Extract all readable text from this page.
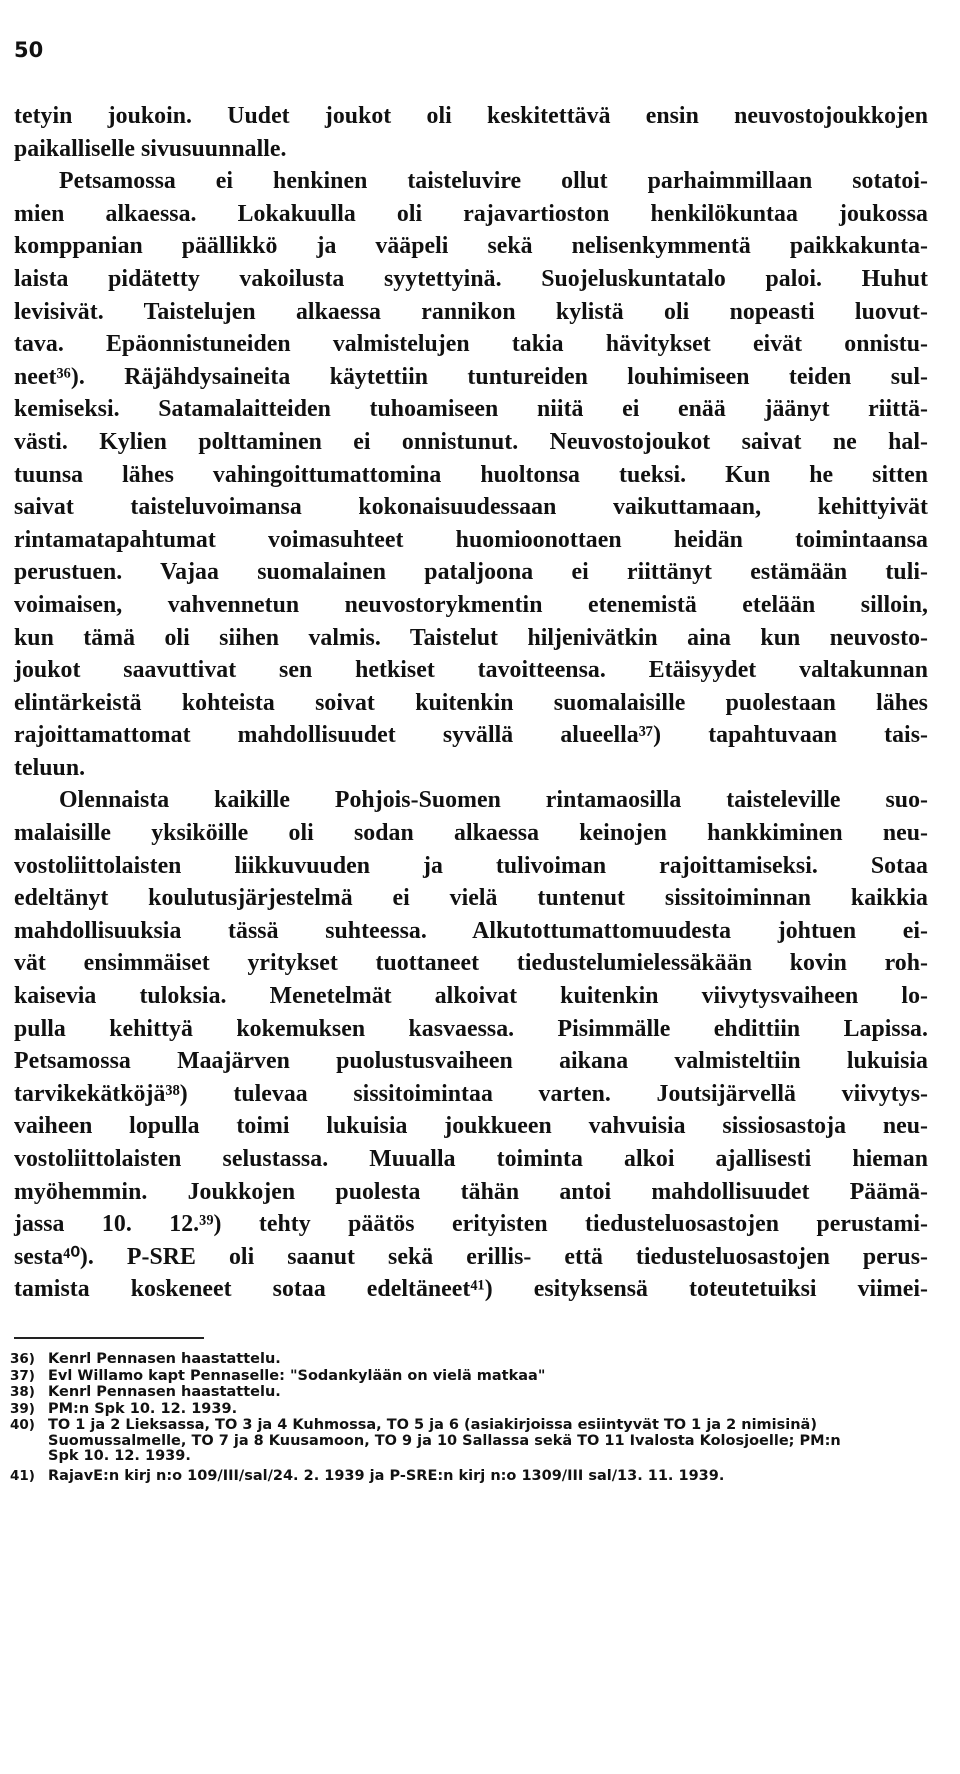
50
tetyin joukoin. Uudet joukot oli keskitettävä ensin neuvostojoukkojen
paikalliselle sivusuunnalle.
Petsamossa ei henkinen taisteluvire ollut parhaimmillaan sotatoi-
mien alkaessa. Lokakuulla oli rajavartioston henkilökuntaa joukossa
komppanian päällikkö ja vääpeli sekä nelisenkymmentä paikkakunta-
laista pidätetty vakoilusta syytettyinä. Suojeluskuntatalo paloi. Huhut
levisivät. Taistelujen alkaessa rannikon kylistä oli nopeasti luovut-
tava. Epäonnistuneiden valmistelujen takia hävitykset eivät onnistu-
neet³⁶). Räjähdysaineita käytettiin tuntureiden louhimiseen teiden sul-
kemiseksi. Satamalaitteiden tuhoamiseen niitä ei enää jäänyt riittä-
västi. Kylien polttaminen ei onnistunut. Neuvostojoukot saivat ne hal-
tuunsa lähes vahingoittumattomina huoltonsa tueksi. Kun he sitten
saivat taisteluvoimansa kokonaisuudessaan vaikuttamaan, kehittyivät
rintamatapahtumat voimasuhteet huomioonottaen heidän toimintaansa
perustuen. Vajaa suomalainen pataljoona ei riittänyt estämään tuli-
voimaisen, vahvennetun neuvostorykmentin etenemistä etelään silloin,
kun tämä oli siihen valmis. Taistelut hiljenivätkin aina kun neuvosto-
joukot saavuttivat sen hetkiset tavoitteensa. Etäisyydet valtakunnan
elintärkeistä kohteista soivat kuitenkin suomalaisille puolestaan lähes
rajoittamattomat mahdollisuudet syvällä alueella³⁷) tapahtuvaan tais-
teluun.
Olennaista kaikille Pohjois-Suomen rintamaosilla taisteleville suo-
malaisille yksiköille oli sodan alkaessa keinojen hankkiminen neu-
vostoliittolaisten liikkuvuuden ja tulivoiman rajoittamiseksi. Sotaa
edeltänyt koulutusjärjestelmä ei vielä tuntenut sissitoiminnan kaikkia
mahdollisuuksia tässä suhteessa. Alkutottumattomuudesta johtuen ei-
vät ensimmäiset yritykset tuottaneet tiedustelumielessäkään kovin roh-
kaisevia tuloksia. Menetelmät alkoivat kuitenkin viivytysvaiheen lo-
pulla kehittyä kokemuksen kasvaessa. Pisimmälle ehdittiin Lapissa.
Petsamossa Maajärven puolustusvaiheen aikana valmisteltiin lukuisia
tarvikekätköjä³⁸) tulevaa sissitoimintaa varten. Joutsijärvellä viivytys-
vaiheen lopulla toimi lukuisia joukkueen vahvuisia sissiosastoja neu-
vostoliittolaisten selustassa. Muualla toiminta alkoi ajallisesti hieman
myöhemmin. Joukkojen puolesta tähän antoi mahdollisuudet Päämä-
jassa 10. 12.³⁹) tehty päätös erityisten tiedusteluosastojen perustami-
sesta⁴⁰). P-SRE oli saanut sekä erillis- että tiedusteluosastojen perus-
tamista koskeneet sotaa edeltäneet⁴¹) esityksensä toteutetuiksi viimei-
36) Kenrl Pennasen haastattelu.
37) Evl Willamo kapt Pennaselle: "Sodankylään on vielä matkaa"
38) Kenrl Pennasen haastattelu.
39) PM:n Spk 10. 12. 1939.
40) TO 1 ja 2 Lieksassa, TO 3 ja 4 Kuhmossa, TO 5 ja 6 (asiakirjoissa esiintyvät TO 1 ja 2 nimisinä)
Suomussalmelle, TO 7 ja 8 Kuusamoon, TO 9 ja 10 Sallassa sekä TO 11 Ivalosta Kolosjoelle; PM:n
Spk 10. 12. 1939.
41) RajavE:n kirj n:o 109/III/sal/24. 2. 1939 ja P-SRE:n kirj n:o 1309/III sal/13. 11. 1939.
